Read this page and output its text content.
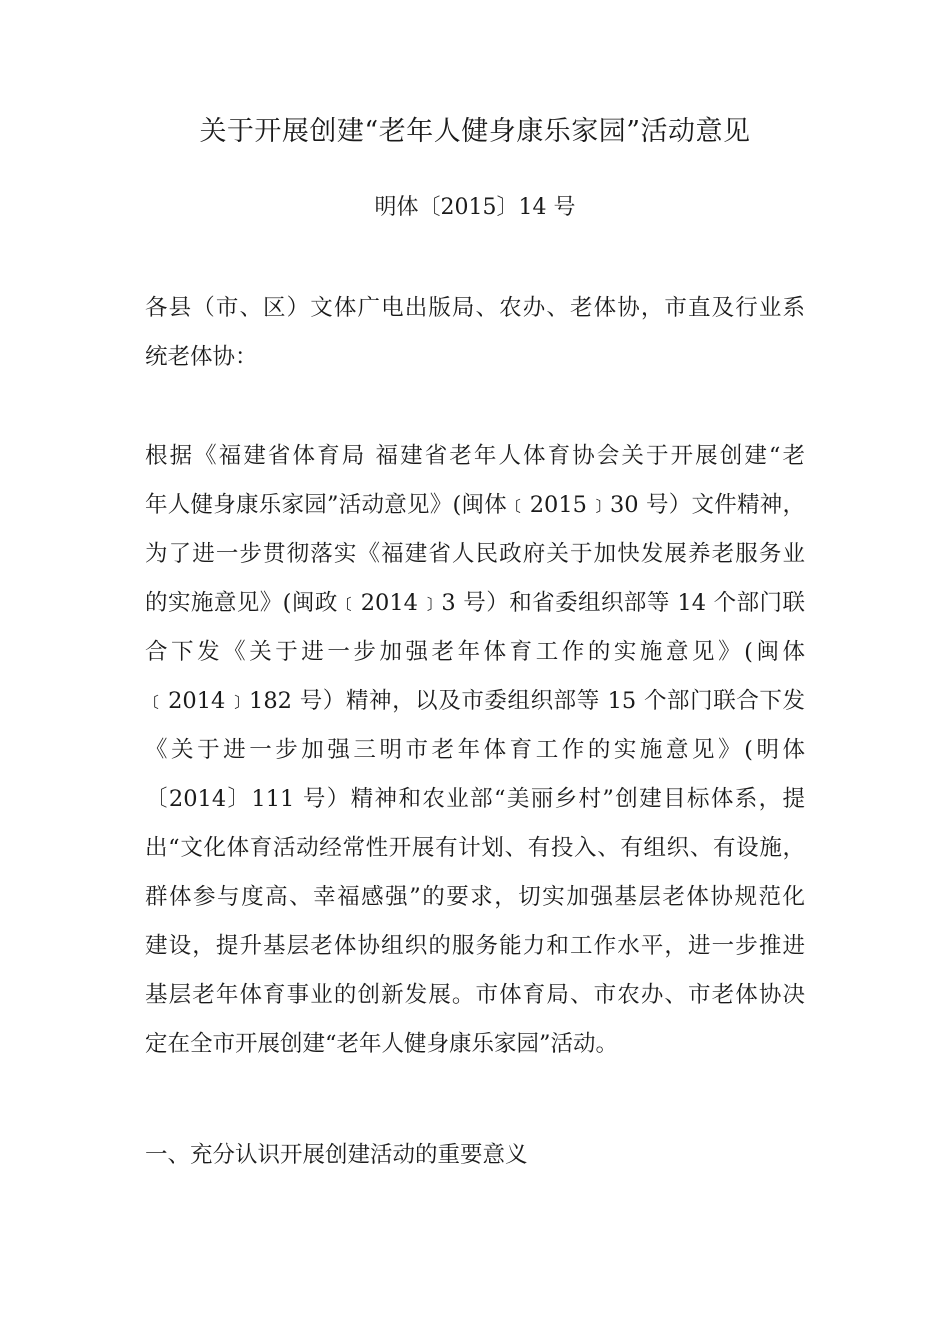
关于开展创建“老年人健身康乐家园”活动意见
明体〔2015〕14 号
各县（市、区）文体广电出版局、农办、老体协，市直及行业系
统老体协：
根据《福建省体育局 福建省老年人体育协会关于开展创建“老
年人健身康乐家园”活动意见》(闽体﹝2015﹞30 号）文件精神，
为了进一步贯彻落实《福建省人民政府关于加快发展养老服务业
的实施意见》(闽政﹝2014﹞3 号）和省委组织部等 14 个部门联
合下发《关于进一步加强老年体育工作的实施意见》(闽体
﹝2014﹞182 号）精神，以及市委组织部等 15 个部门联合下发
《关于进一步加强三明市老年体育工作的实施意见》(明体
〔2014〕111 号）精神和农业部“美丽乡村”创建目标体系，提
出“文化体育活动经常性开展有计划、有投入、有组织、有设施，
群体参与度高、幸福感强”的要求，切实加强基层老体协规范化
建设，提升基层老体协组织的服务能力和工作水平，进一步推进
基层老年体育事业的创新发展。市体育局、市农办、市老体协决
定在全市开展创建“老年人健身康乐家园”活动。
一、充分认识开展创建活动的重要意义
